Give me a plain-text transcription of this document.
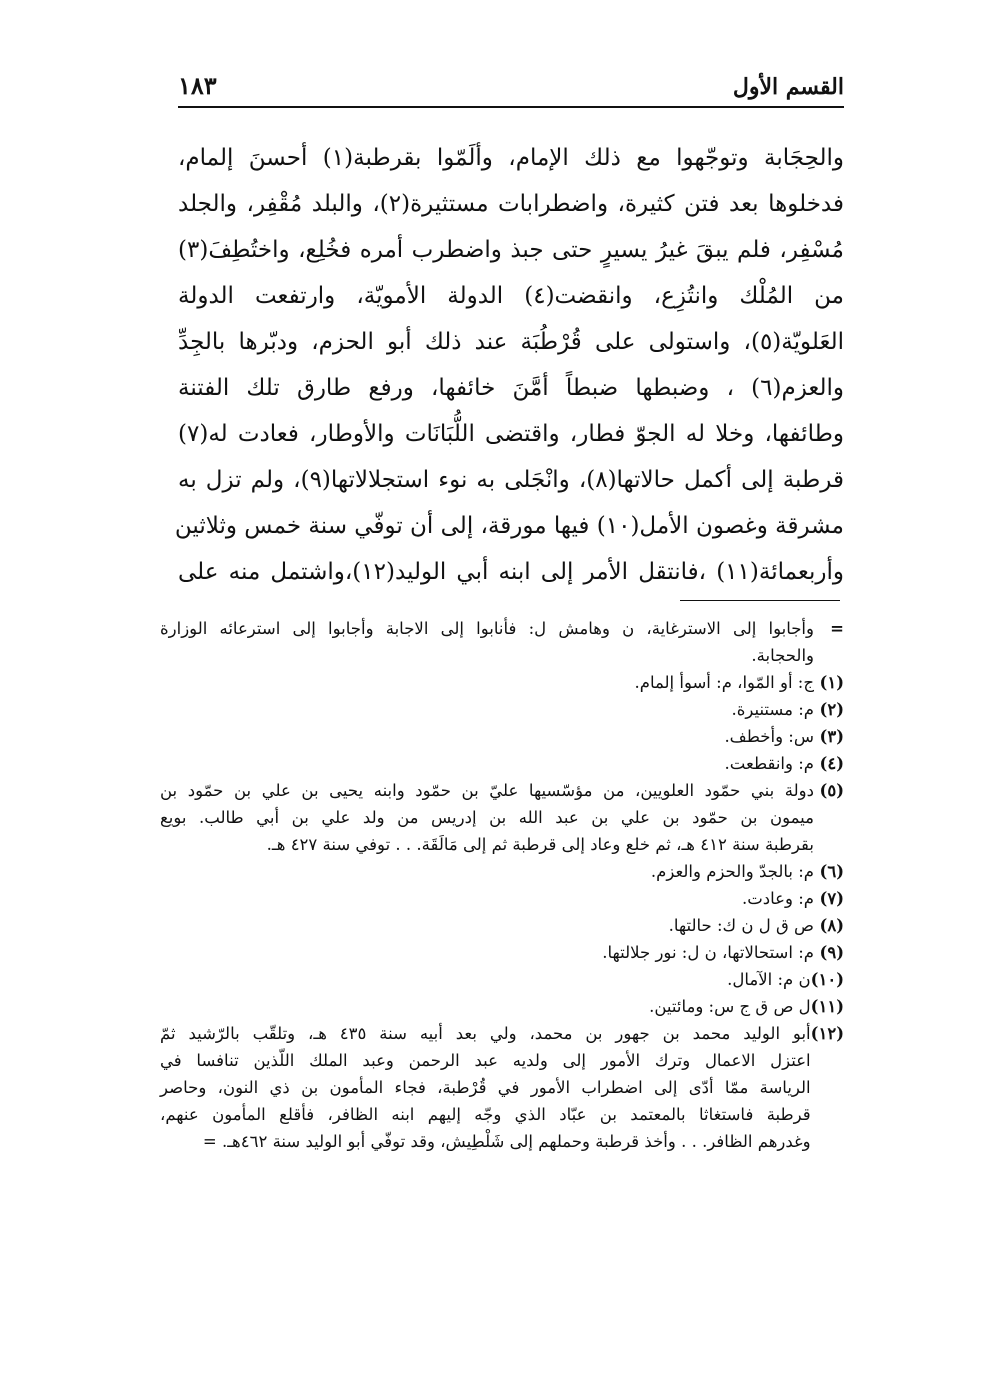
القسم الأول
١٨٣
والحِجَابة وتوجّهوا مع ذلك الإمام، وألَمّوا بقرطبة(١) أحسنَ إلمام،
فدخلوها بعد فتن كثيرة، واضطرابات مستثيرة(٢)، والبلد مُقْفِر، والجلد
مُسْفِر، فلم يبقَ غيرُ يسيرٍ حتى جبذ واضطرب أمره فخُلِع، واختُطِفَ(٣)
من المُلْك وانتُزِع، وانقضت(٤) الدولة الأمويّة، وارتفعت الدولة
العَلويّة(٥)، واستولى على قُرْطُبَة عند ذلك أبو الحزم، ودبّرها بالجِدِّ
والعزم(٦) ، وضبطها ضبطاً أمَّنَ خائفها، ورفع طارق تلك الفتنة
وطائفها، وخلا له الجوّ فطار، واقتضى اللُّبَانَات والأوطار، فعادت له(٧)
قرطبة إلى أكمل حالاتها(٨)، وانْجَلى به نوء استجلالاتها(٩)، ولم تزل به
مشرقة وغصون الأمل(١٠) فيها مورقة، إلى أن توفّي سنة خمس وثلاثين
وأربعمائة(١١) ،فانتقل الأمر إلى ابنه أبي الوليد(١٢)،واشتمل منه على
=
وأجابوا إلى الاسترغاية، ن وهامش ل: فأنابوا إلى الاجابة وأجابوا إلى استرعائه الوزارة
والحجابة.
(١)
ج: أو المّوا، م: أسوأ إلمام.
(٢)
م: مستنيرة.
(٣)
س: وأخطف.
(٤)
م: وانقطعت.
(٥)
دولة بني حمّود العلويين، من مؤسّسيها عليّ بن حمّود وابنه يحيى بن علي بن حمّود بن
ميمون بن حمّود بن علي بن عبد الله بن إدريس من ولد علي بن أبي طالب. بويع
بقرطبة سنة ٤١٢ هـ، ثم خلع وعاد إلى قرطبة ثم إلى مَالَقَة. . . توفي سنة ٤٢٧ هـ.
(٦)
م: بالجدّ والحزم والعزم.
(٧)
م: وعادت.
(٨)
ص ق ل ن ك: حالتها.
(٩)
م: استحالاتها، ن ل: نور جلالتها.
(١٠)
ن م: الآمال.
(١١)
ل ص ق ج س: ومائتين.
(١٢)
أبو الوليد محمد بن جهور بن محمد، ولي بعد أبيه سنة ٤٣٥ هـ، وتلقّب بالرّشيد ثمّ
اعتزل الاعمال وترك الأمور إلى ولديه عبد الرحمن وعبد الملك اللّذين تنافسا في
الرياسة ممّا أدّى إلى اضطراب الأمور في قُرْطبة، فجاء المأمون بن ذي النون، وحاصر
قرطبة فاستغاثا بالمعتمد بن عبّاد الذي وجّه إليهم ابنه الظافر، فأقلع المأمون عنهم،
وغدرهم الظافر. . . وأخذ قرطبة وحملهم إلى شَلْطِيش، وقد توفّي أبو الوليد سنة ٤٦٢هـ. =
